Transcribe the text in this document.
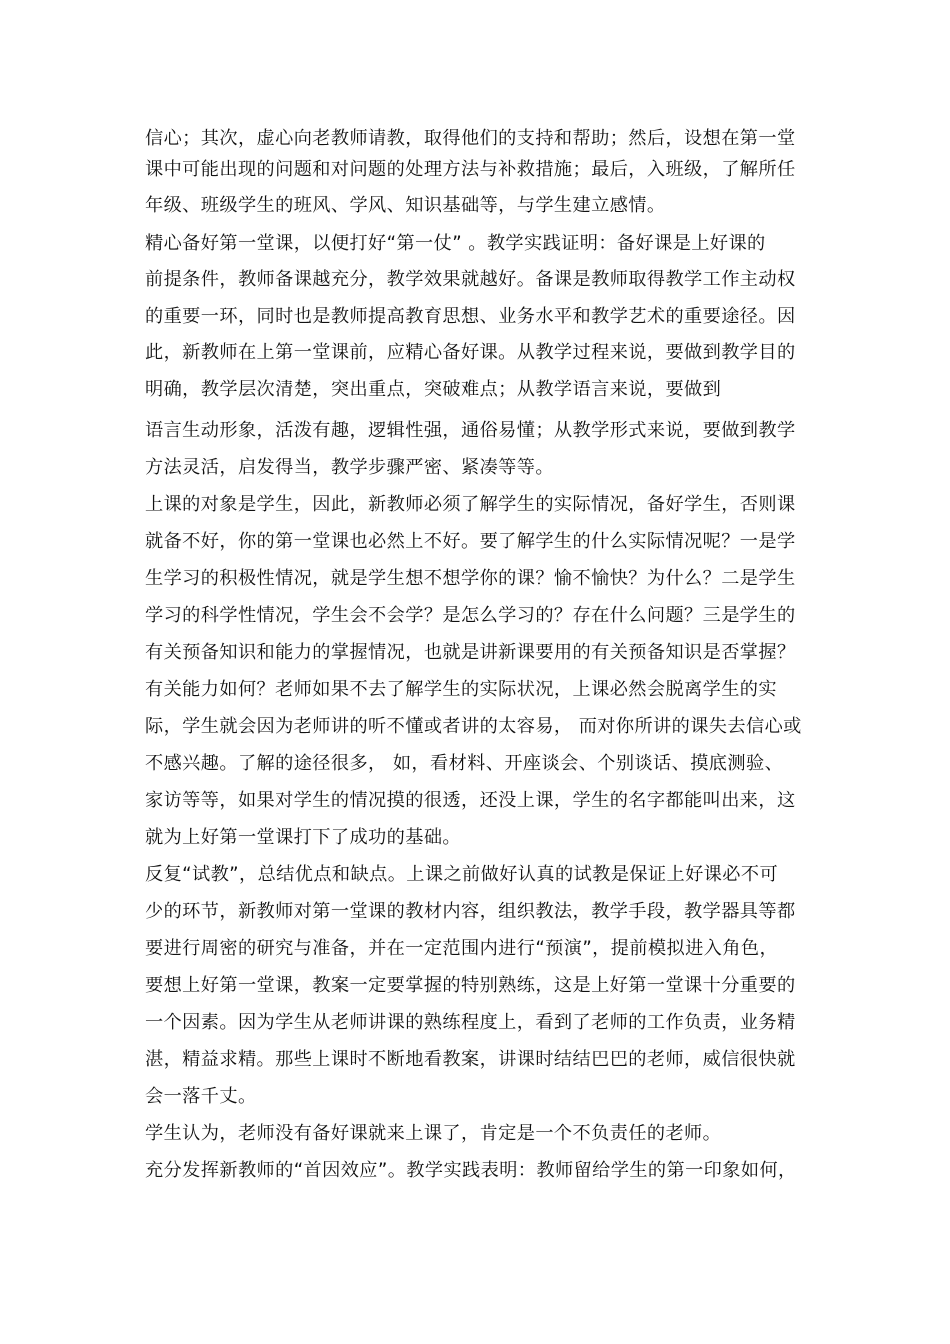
信心；其次，虚心向老教师请教，取得他们的支持和帮助；然后，设想在第一堂
课中可能出现的问题和对问题的处理方法与补救措施；最后，入班级，了解所任
年级、班级学生的班风、学风、知识基础等，与学生建立感情。
精心备好第一堂课，以便打好“第一仗” 。教学实践证明：备好课是上好课的
前提条件，教师备课越充分，教学效果就越好。备课是教师取得教学工作主动权
的重要一环，同时也是教师提高教育思想、业务水平和教学艺术的重要途径。因
此，新教师在上第一堂课前，应精心备好课。从教学过程来说，要做到教学目的
明确，教学层次清楚，突出重点，突破难点；从教学语言来说，要做到
语言生动形象，活泼有趣，逻辑性强，通俗易懂；从教学形式来说，要做到教学
方法灵活，启发得当，教学步骤严密、紧凑等等。
上课的对象是学生，因此，新教师必须了解学生的实际情况，备好学生，否则课
就备不好，你的第一堂课也必然上不好。要了解学生的什么实际情况呢？一是学
生学习的积极性情况，就是学生想不想学你的课？愉不愉快？为什么？二是学生
学习的科学性情况，学生会不会学？是怎么学习的？存在什么问题？三是学生的
有关预备知识和能力的掌握情况，也就是讲新课要用的有关预备知识是否掌握？
有关能力如何？老师如果不去了解学生的实际状况，上课必然会脱离学生的实
际，学生就会因为老师讲的听不懂或者讲的太容易， 而对你所讲的课失去信心或
不感兴趣。了解的途径很多， 如，看材料、开座谈会、个别谈话、摸底测验、
家访等等，如果对学生的情况摸的很透，还没上课，学生的名字都能叫出来，这
就为上好第一堂课打下了成功的基础。
反复“试教”，总结优点和缺点。上课之前做好认真的试教是保证上好课必不可
少的环节，新教师对第一堂课的教材内容，组织教法，教学手段，教学器具等都
要进行周密的研究与准备，并在一定范围内进行“预演”，提前模拟进入角色，
要想上好第一堂课，教案一定要掌握的特别熟练，这是上好第一堂课十分重要的
一个因素。因为学生从老师讲课的熟练程度上，看到了老师的工作负责，业务精
湛，精益求精。那些上课时不断地看教案，讲课时结结巴巴的老师，威信很快就
会一落千丈。
学生认为，老师没有备好课就来上课了，肯定是一个不负责任的老师。
充分发挥新教师的“首因效应”。教学实践表明：教师留给学生的第一印象如何，
